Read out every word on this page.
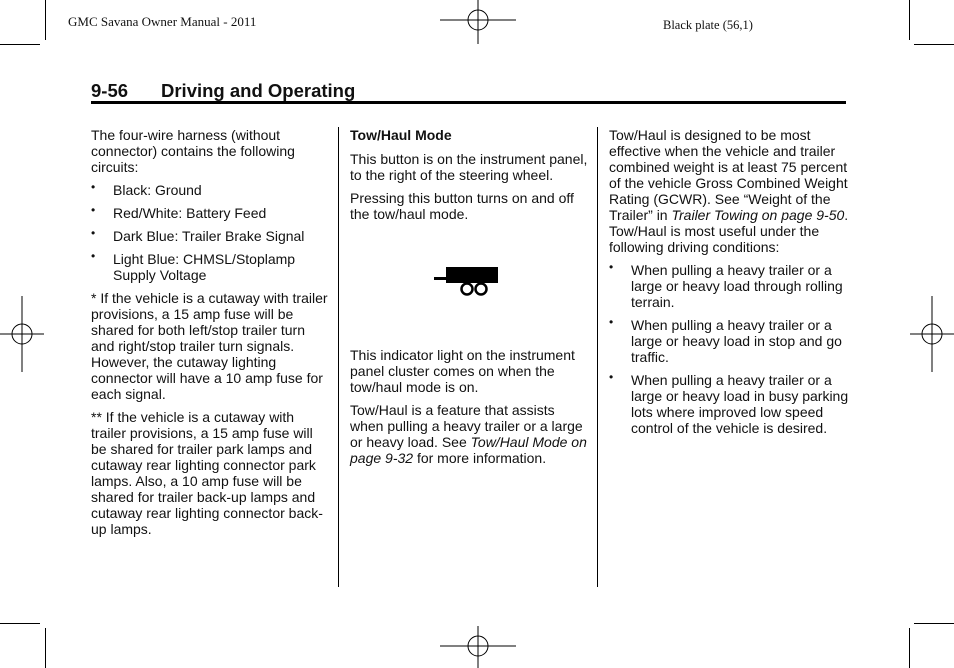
GMC Savana Owner Manual - 2011	Black plate (56,1)
9-56 Driving and Operating

The four-wire harness (without connector) contains the following circuits:

• Black: Ground
• Red/White: Battery Feed
• Dark Blue: Trailer Brake Signal
• Light Blue: CHMSL/Stoplamp Supply Voltage

* If the vehicle is a cutaway with trailer provisions, a 15 amp fuse will be shared for both left/stop trailer turn and right/stop trailer turn signals. However, the cutaway lighting connector will have a 10 amp fuse for each signal.

** If the vehicle is a cutaway with trailer provisions, a 15 amp fuse will be shared for trailer park lamps and cutaway rear lighting connector park lamps. Also, a 10 amp fuse will be shared for trailer back-up lamps and cutaway rear lighting connector back-up lamps.

Tow/Haul Mode

This button is on the instrument panel, to the right of the steering wheel.

Pressing this button turns on and off the tow/haul mode.

This indicator light on the instrument panel cluster comes on when the tow/haul mode is on.

Tow/Haul is a feature that assists when pulling a heavy trailer or a large or heavy load. See Tow/Haul Mode on page 9-32 for more information.

Tow/Haul is designed to be most effective when the vehicle and trailer combined weight is at least 75 percent of the vehicle Gross Combined Weight Rating (GCWR). See “Weight of the Trailer” in Trailer Towing on page 9-50. Tow/Haul is most useful under the following driving conditions:

• When pulling a heavy trailer or a large or heavy load through rolling terrain.
• When pulling a heavy trailer or a large or heavy load in stop and go traffic.
• When pulling a heavy trailer or a large or heavy load in busy parking lots where improved low speed control of the vehicle is desired.
